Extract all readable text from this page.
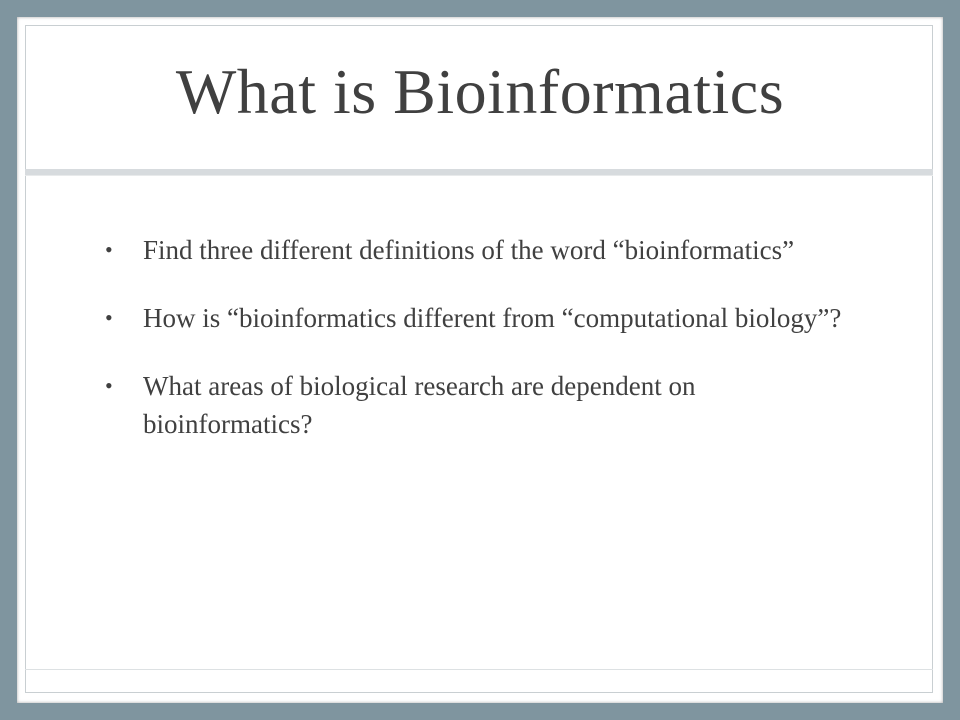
What is Bioinformatics
• Find three different definitions of the word “bioinformatics”
• How is “bioinformatics different from “computational biology”?
• What areas of biological research are dependent on bioinformatics?
